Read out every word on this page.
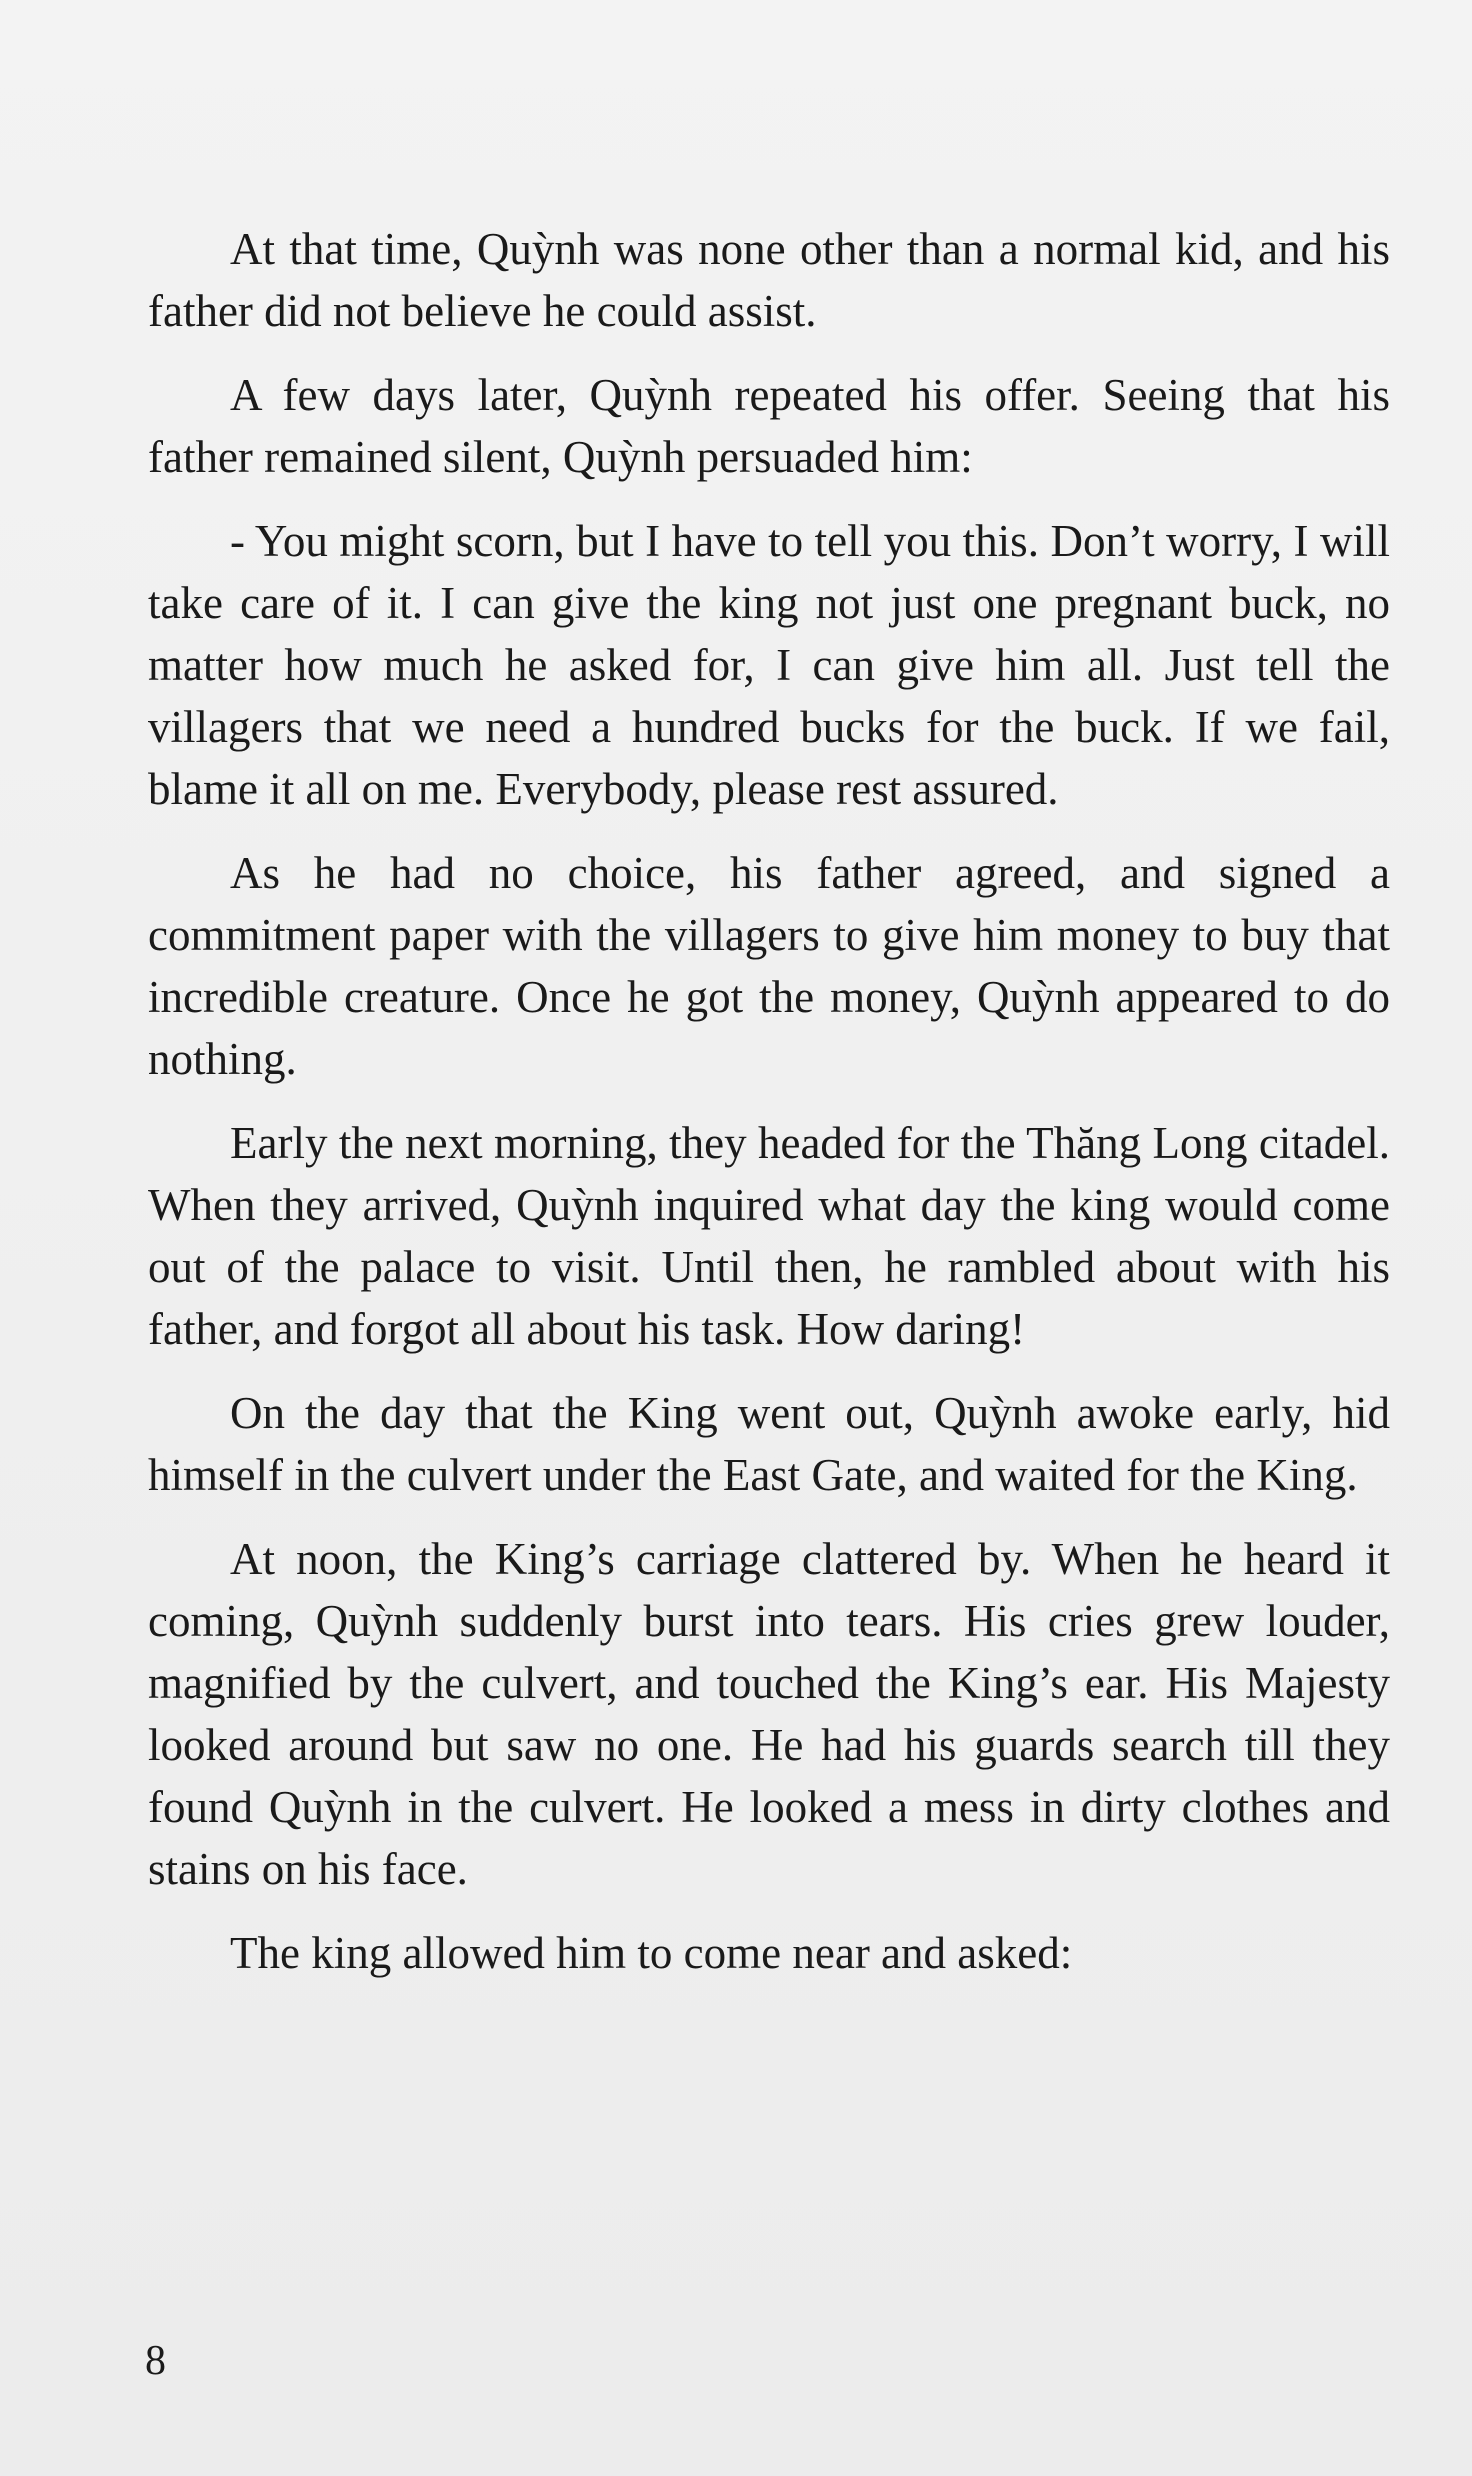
At that time, Quỳnh was none other than a normal kid, and his father did not believe he could assist.

A few days later, Quỳnh repeated his offer. Seeing that his father remained silent, Quỳnh persuaded him:

- You might scorn, but I have to tell you this. Don’t worry, I will take care of it. I can give the king not just one pregnant buck, no matter how much he asked for, I can give him all. Just tell the villagers that we need a hundred bucks for the buck. If we fail, blame it all on me. Everybody, please rest assured.

As he had no choice, his father agreed, and signed a commitment paper with the villagers to give him money to buy that incredible creature. Once he got the money, Quỳnh appeared to do nothing.

Early the next morning, they headed for the Thăng Long citadel. When they arrived, Quỳnh inquired what day the king would come out of the palace to visit. Until then, he rambled about with his father, and forgot all about his task. How daring!

On the day that the King went out, Quỳnh awoke early, hid himself in the culvert under the East Gate, and waited for the King.

At noon, the King’s carriage clattered by. When he heard it coming, Quỳnh suddenly burst into tears. His cries grew louder, magnified by the culvert, and touched the King’s ear. His Majesty looked around but saw no one. He had his guards search till they found Quỳnh in the culvert. He looked a mess in dirty clothes and stains on his face.

The king allowed him to come near and asked:

8
